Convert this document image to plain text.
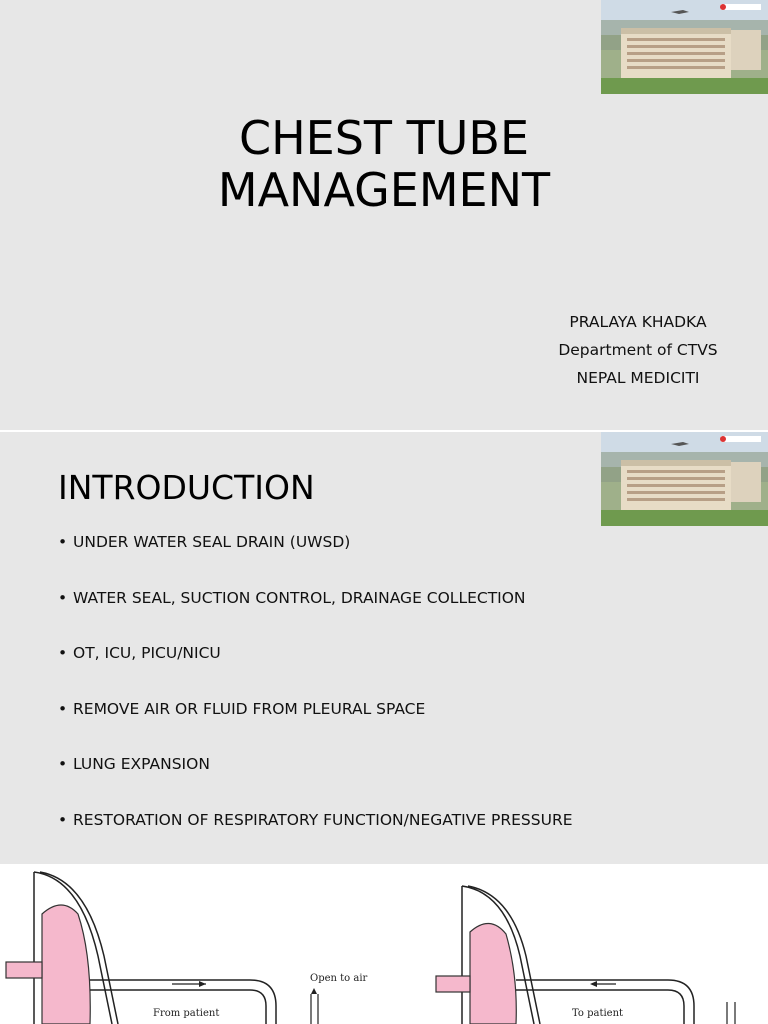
CHEST TUBE
MANAGEMENT
PRALAYA KHADKA
Department of CTVS
NEPAL MEDICITI
INTRODUCTION
• UNDER WATER SEAL DRAIN (UWSD)
• WATER SEAL, SUCTION CONTROL, DRAINAGE COLLECTION
• OT, ICU, PICU/NICU
• REMOVE AIR OR FLUID FROM PLEURAL SPACE
• LUNG EXPANSION
• RESTORATION OF RESPIRATORY FUNCTION/NEGATIVE PRESSURE
From patient
Open to air
To patient
